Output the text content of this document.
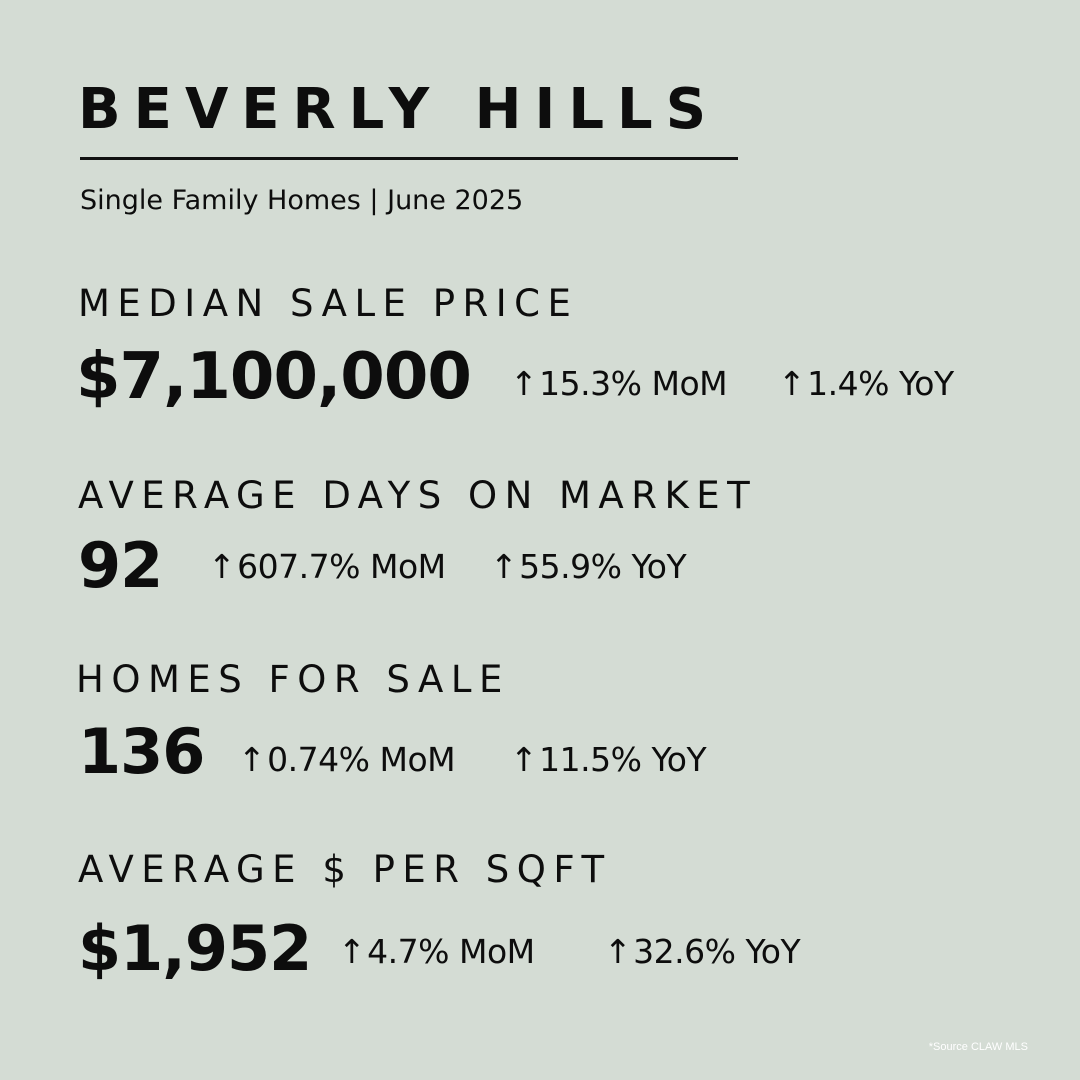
BEVERLY HILLS
Single Family Homes | June 2025
MEDIAN SALE PRICE
$7,100,000 ↑15.3% MoM ↑1.4% YoY
AVERAGE DAYS ON MARKET
92 ↑607.7% MoM ↑55.9% YoY
HOMES FOR SALE
136 ↑0.74% MoM ↑11.5% YoY
AVERAGE $ PER SQFT
$1,952 ↑4.7% MoM ↑32.6% YoY
*Source CLAW MLS
